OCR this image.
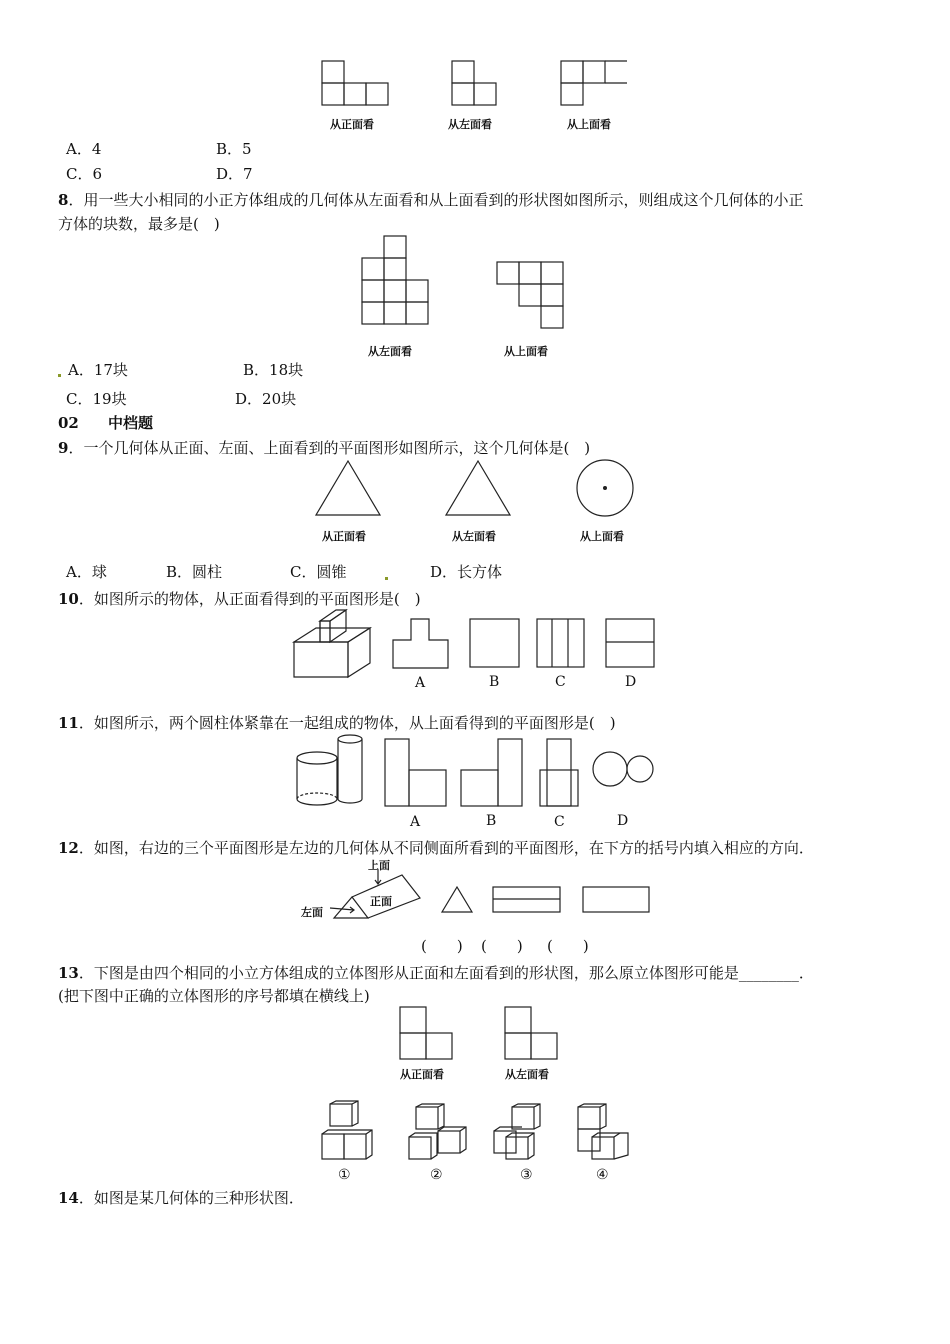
从正面看	从左面看	从上面看
A．4	B．5
C．6	D．7
8．用一些大小相同的小正方体组成的几何体从左面看和从上面看到的形状图如图所示，则组成这个几何体的小正
方体的块数，最多是(　)
从左面看	从上面看
A．17块	B．18块
C．19块	D．20块
02 中档题
9．一个几何体从正面、左面、上面看到的平面图形如图所示，这个几何体是(　)
从正面看	从左面看	从上面看
A．球	B．圆柱	C．圆锥	D．长方体
10．如图所示的物体，从正面看得到的平面图形是(　)
A	B	C	D
11．如图所示，两个圆柱体紧靠在一起组成的物体，从上面看得到的平面图形是(　)
A	B	C	D
12．如图，右边的三个平面图形是左边的几何体从不同侧面所看到的平面图形，在下方的括号内填入相应的方向．
上面
正面
左面
(　　) (　　) (　　)
13．下图是由四个相同的小立方体组成的立体图形从正面和左面看到的形状图，那么原立体图形可能是________．
(把下图中正确的立体图形的序号都填在横线上)
从正面看	从左面看
①	②	③	④
14．如图是某几何体的三种形状图．
